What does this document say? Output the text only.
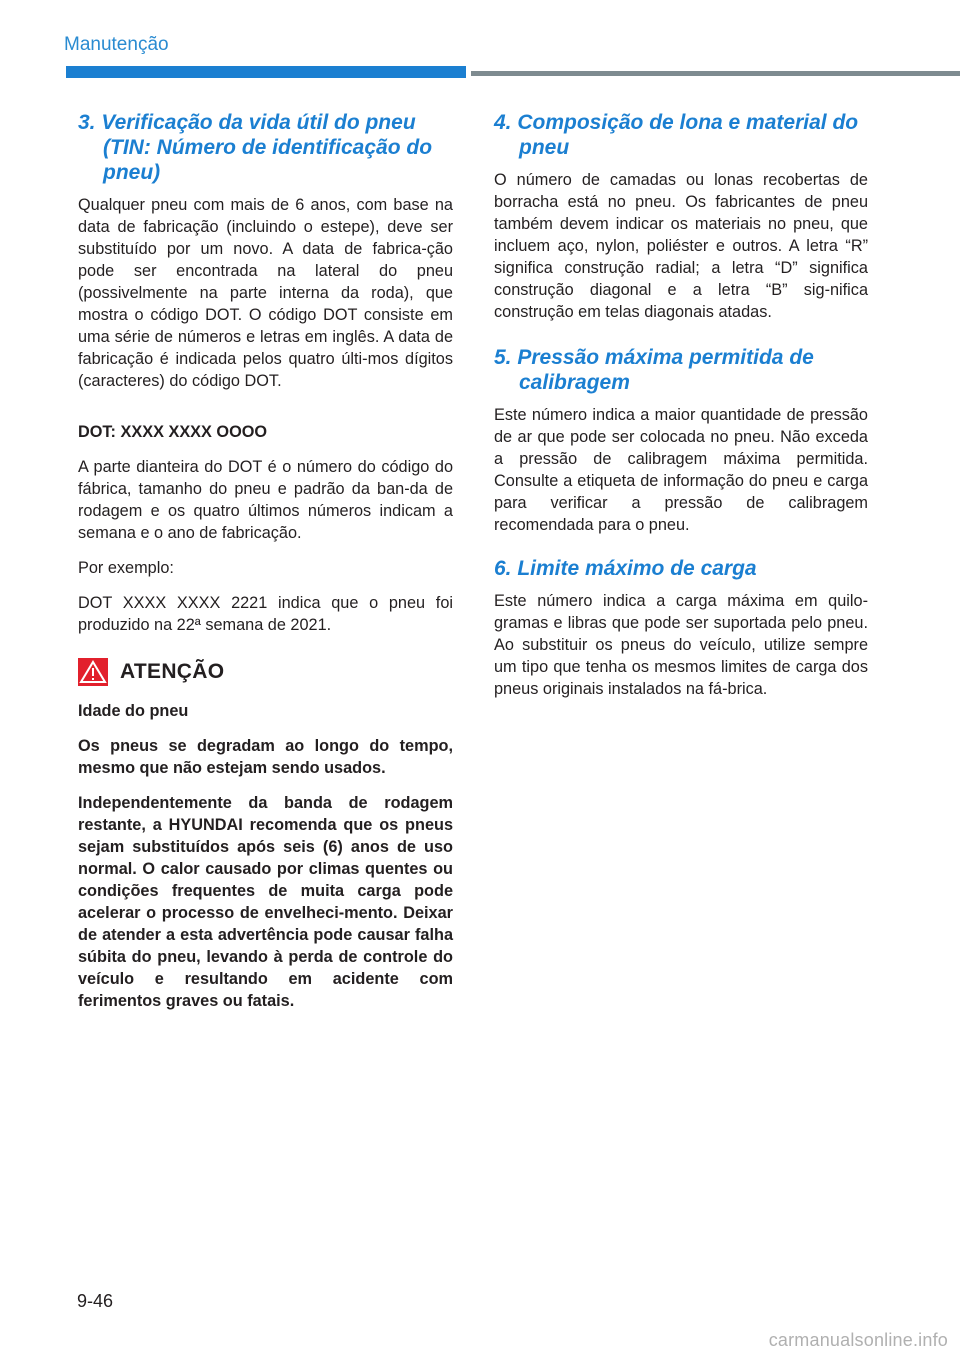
Manutenção
3. Verificação da vida útil do pneu (TIN: Número de identificação do pneu)

Qualquer pneu com mais de 6 anos, com base na data de fabricação (incluindo o estepe), deve ser substituído por um novo. A data de fabrica-ção pode ser encontrada na lateral do pneu (possivelmente na parte interna da roda), que mostra o código DOT. O código DOT consiste em uma série de números e letras em inglês. A data de fabricação é indicada pelos quatro últi-mos dígitos (caracteres) do código DOT.

DOT: XXXX XXXX OOOO

A parte dianteira do DOT é o número do código do fábrica, tamanho do pneu e padrão da ban-da de rodagem e os quatro últimos números indicam a semana e o ano de fabricação.

Por exemplo:

DOT XXXX XXXX 2221 indica que o pneu foi produzido na 22ª semana de 2021.

ATENÇÃO

Idade do pneu

Os pneus se degradam ao longo do tempo, mesmo que não estejam sendo usados.

Independentemente da banda de rodagem restante, a HYUNDAI recomenda que os pneus sejam substituídos após seis (6) anos de uso normal. O calor causado por climas quentes ou condições frequentes de muita carga pode acelerar o processo de envelheci-mento. Deixar de atender a esta advertência pode causar falha súbita do pneu, levando à perda de controle do veículo e resultando em acidente com ferimentos graves ou fatais.

4. Composição de lona e material do pneu

O número de camadas ou lonas recobertas de borracha está no pneu. Os fabricantes de pneu também devem indicar os materiais no pneu, que incluem aço, nylon, poliéster e outros. A letra “R” significa construção radial; a letra “D” significa construção diagonal e a letra “B” sig-nifica construção em telas diagonais atadas.

5. Pressão máxima permitida de calibragem

Este número indica a maior quantidade de pressão de ar que pode ser colocada no pneu. Não exceda a pressão de calibragem máxima permitida. Consulte a etiqueta de informação do pneu e carga para verificar a pressão de calibragem recomendada para o pneu.

6. Limite máximo de carga

Este número indica a carga máxima em quilo-gramas e libras que pode ser suportada pelo pneu. Ao substituir os pneus do veículo, utilize sempre um tipo que tenha os mesmos limites de carga dos pneus originais instalados na fá-brica.

9-46
carmanualsonline.info
